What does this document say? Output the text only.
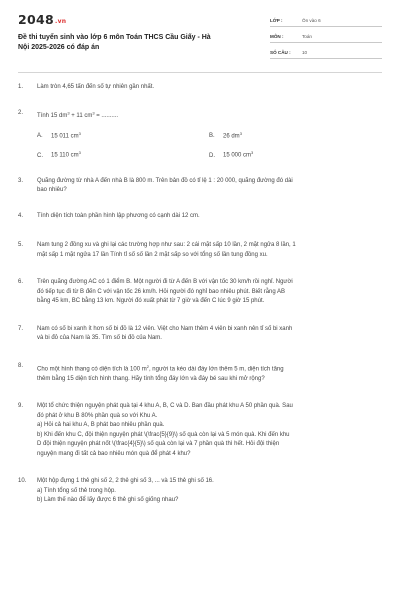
2048.vn
Đề thi tuyển sinh vào lớp 6 môn Toán THCS Cầu Giấy - Hà
Nội 2025-2026 có đáp án
LỚP :	Ôn vào 6
MÔN :	Toán
SỐ CÂU :	10
1.	Làm tròn 4,65 tấn đến số tự nhiên gần nhất.
2.
Tính 15 $dm^3 + 11$ $cm^3$ = ..........
A. 15 011 $cm^3$	B. 26 $dm^3$
C. 15 110 $cm^3$	D. 15 000 $cm^3$
3.	Quãng đường từ nhà A đến nhà B là 800 m. Trên bản đồ có tỉ lệ 1 : 20 000, quãng đường đó dài
bao nhiêu?
4.	Tính diện tích toàn phần hình lập phương có cạnh dài 12 cm.
5.	Nam tung 2 đồng xu và ghi lại các trường hợp như sau: 2 cái mặt sấp 10 lần, 2 mặt ngửa 8 lần, 1
mặt sấp 1 mặt ngửa 17 lần Tính tỉ số số lần 2 mặt sấp so với tổng số lần tung đồng xu.
6.	Trên quãng đường AC có 1 điểm B. Một người đi từ A đến B với vận tốc 30 km/h rồi nghỉ. Người
đó tiếp tục đi từ B đến C với vận tốc 26 km/h. Hỏi người đó nghỉ bao nhiêu phút. Biết rằng AB
bằng 45 km, BC bằng 13 km. Người đó xuất phát từ 7 giờ và đến C lúc 9 giờ 15 phút.
7.	Nam có số bi xanh ít hơn số bi đỏ là 12 viên. Việt cho Nam thêm 4 viên bi xanh nên tỉ số bi xanh
và bi đỏ của Nam là 35. Tìm số bi đỏ của Nam.
8.
Cho một hình thang có diện tích là 100 $m^2$, người ta kéo dài đáy lớn thêm 5 m, diện tích tăng
thêm bằng 15 diện tích hình thang. Hãy tính tổng đáy lớn và đáy bé sau khi mở rộng?
9.	Một tổ chức thiện nguyện phát quà tại 4 khu A, B, C và D. Ban đầu phát khu A 50 phần quà. Sau
đó phát ở khu B 80% phần quà so với Khu A.
a) Hỏi cả hai khu A, B phát bao nhiêu phần quà.
b) Khi đến khu C, đội thiện nguyện phát \(\frac{5}{9}\) số quà còn lại và 5 món quà. Khi đến khu
D đội thiện nguyện phát nốt \(\frac{4}{5}\) số quà còn lại và 7 phần quà thì hết. Hỏi đội thiện
nguyện mang đi tất cả bao nhiêu món quà để phát 4 khu?
10.	Một hộp đựng 1 thẻ ghi số 2, 2 thẻ ghi số 3, ... và 15 thẻ ghi số 16.
a) Tính tổng số thẻ trong hộp.
b) Làm thế nào để lấy được 6 thẻ ghi số giống nhau?
